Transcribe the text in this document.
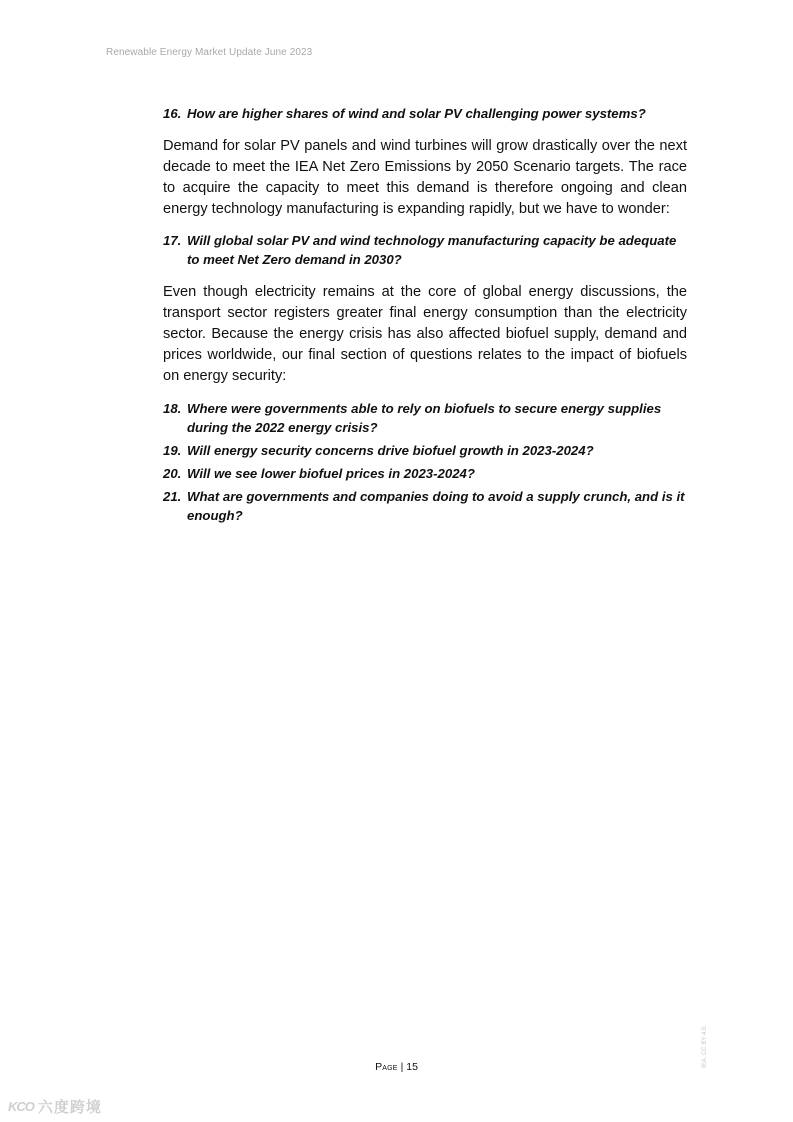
Renewable Energy Market Update June 2023

16. How are higher shares of wind and solar PV challenging power systems?

Demand for solar PV panels and wind turbines will grow drastically over the next decade to meet the IEA Net Zero Emissions by 2050 Scenario targets. The race to acquire the capacity to meet this demand is therefore ongoing and clean energy technology manufacturing is expanding rapidly, but we have to wonder:

17. Will global solar PV and wind technology manufacturing capacity be adequate to meet Net Zero demand in 2030?

Even though electricity remains at the core of global energy discussions, the transport sector registers greater final energy consumption than the electricity sector. Because the energy crisis has also affected biofuel supply, demand and prices worldwide, our final section of questions relates to the impact of biofuels on energy security:

18. Where were governments able to rely on biofuels to secure energy supplies during the 2022 energy crisis?
19. Will energy security concerns drive biofuel growth in 2023-2024?
20. Will we see lower biofuel prices in 2023-2024?
21. What are governments and companies doing to avoid a supply crunch, and is it enough?
Page | 15	IEA. CC BY 4.0.
KCO 六度跨境
